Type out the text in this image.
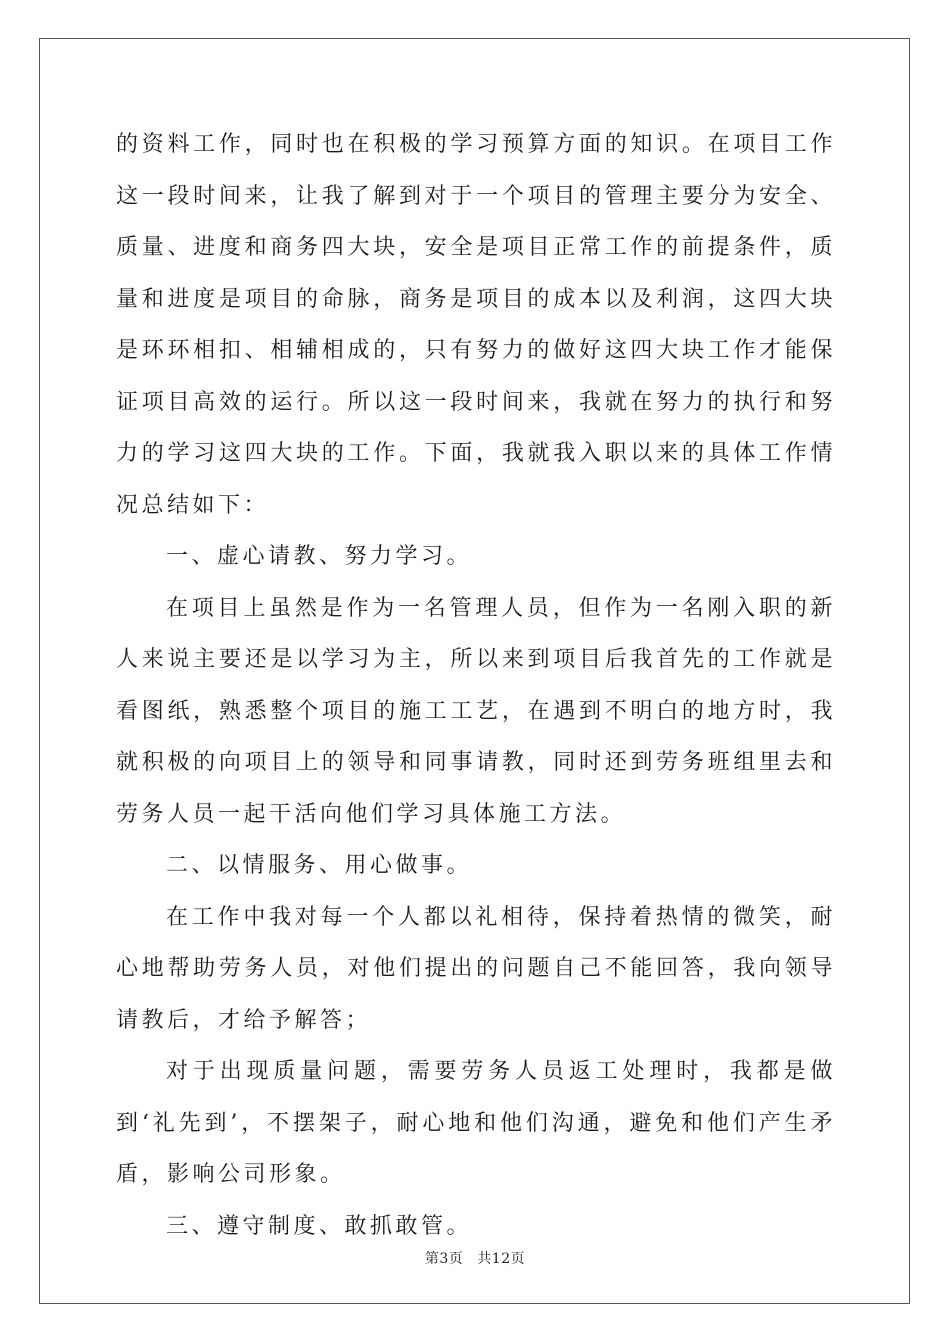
的资料工作，同时也在积极的学习预算方面的知识。在项目工作这一段时间来，让我了解到对于一个项目的管理主要分为安全、质量、进度和商务四大块，安全是项目正常工作的前提条件，质量和进度是项目的命脉，商务是项目的成本以及利润，这四大块是环环相扣、相辅相成的，只有努力的做好这四大块工作才能保证项目高效的运行。所以这一段时间来，我就在努力的执行和努力的学习这四大块的工作。下面，我就我入职以来的具体工作情况总结如下：

一、虚心请教、努力学习。

在项目上虽然是作为一名管理人员，但作为一名刚入职的新人来说主要还是以学习为主，所以来到项目后我首先的工作就是看图纸，熟悉整个项目的施工工艺，在遇到不明白的地方时，我就积极的向项目上的领导和同事请教，同时还到劳务班组里去和劳务人员一起干活向他们学习具体施工方法。

二、以情服务、用心做事。

在工作中我对每一个人都以礼相待，保持着热情的微笑，耐心地帮助劳务人员，对他们提出的问题自己不能回答，我向领导请教后，才给予解答；

对于出现质量问题，需要劳务人员返工处理时，我都是做到‘礼先到’，不摆架子，耐心地和他们沟通，避免和他们产生矛盾，影响公司形象。

三、遵守制度、敢抓敢管。

第3页 共12页
